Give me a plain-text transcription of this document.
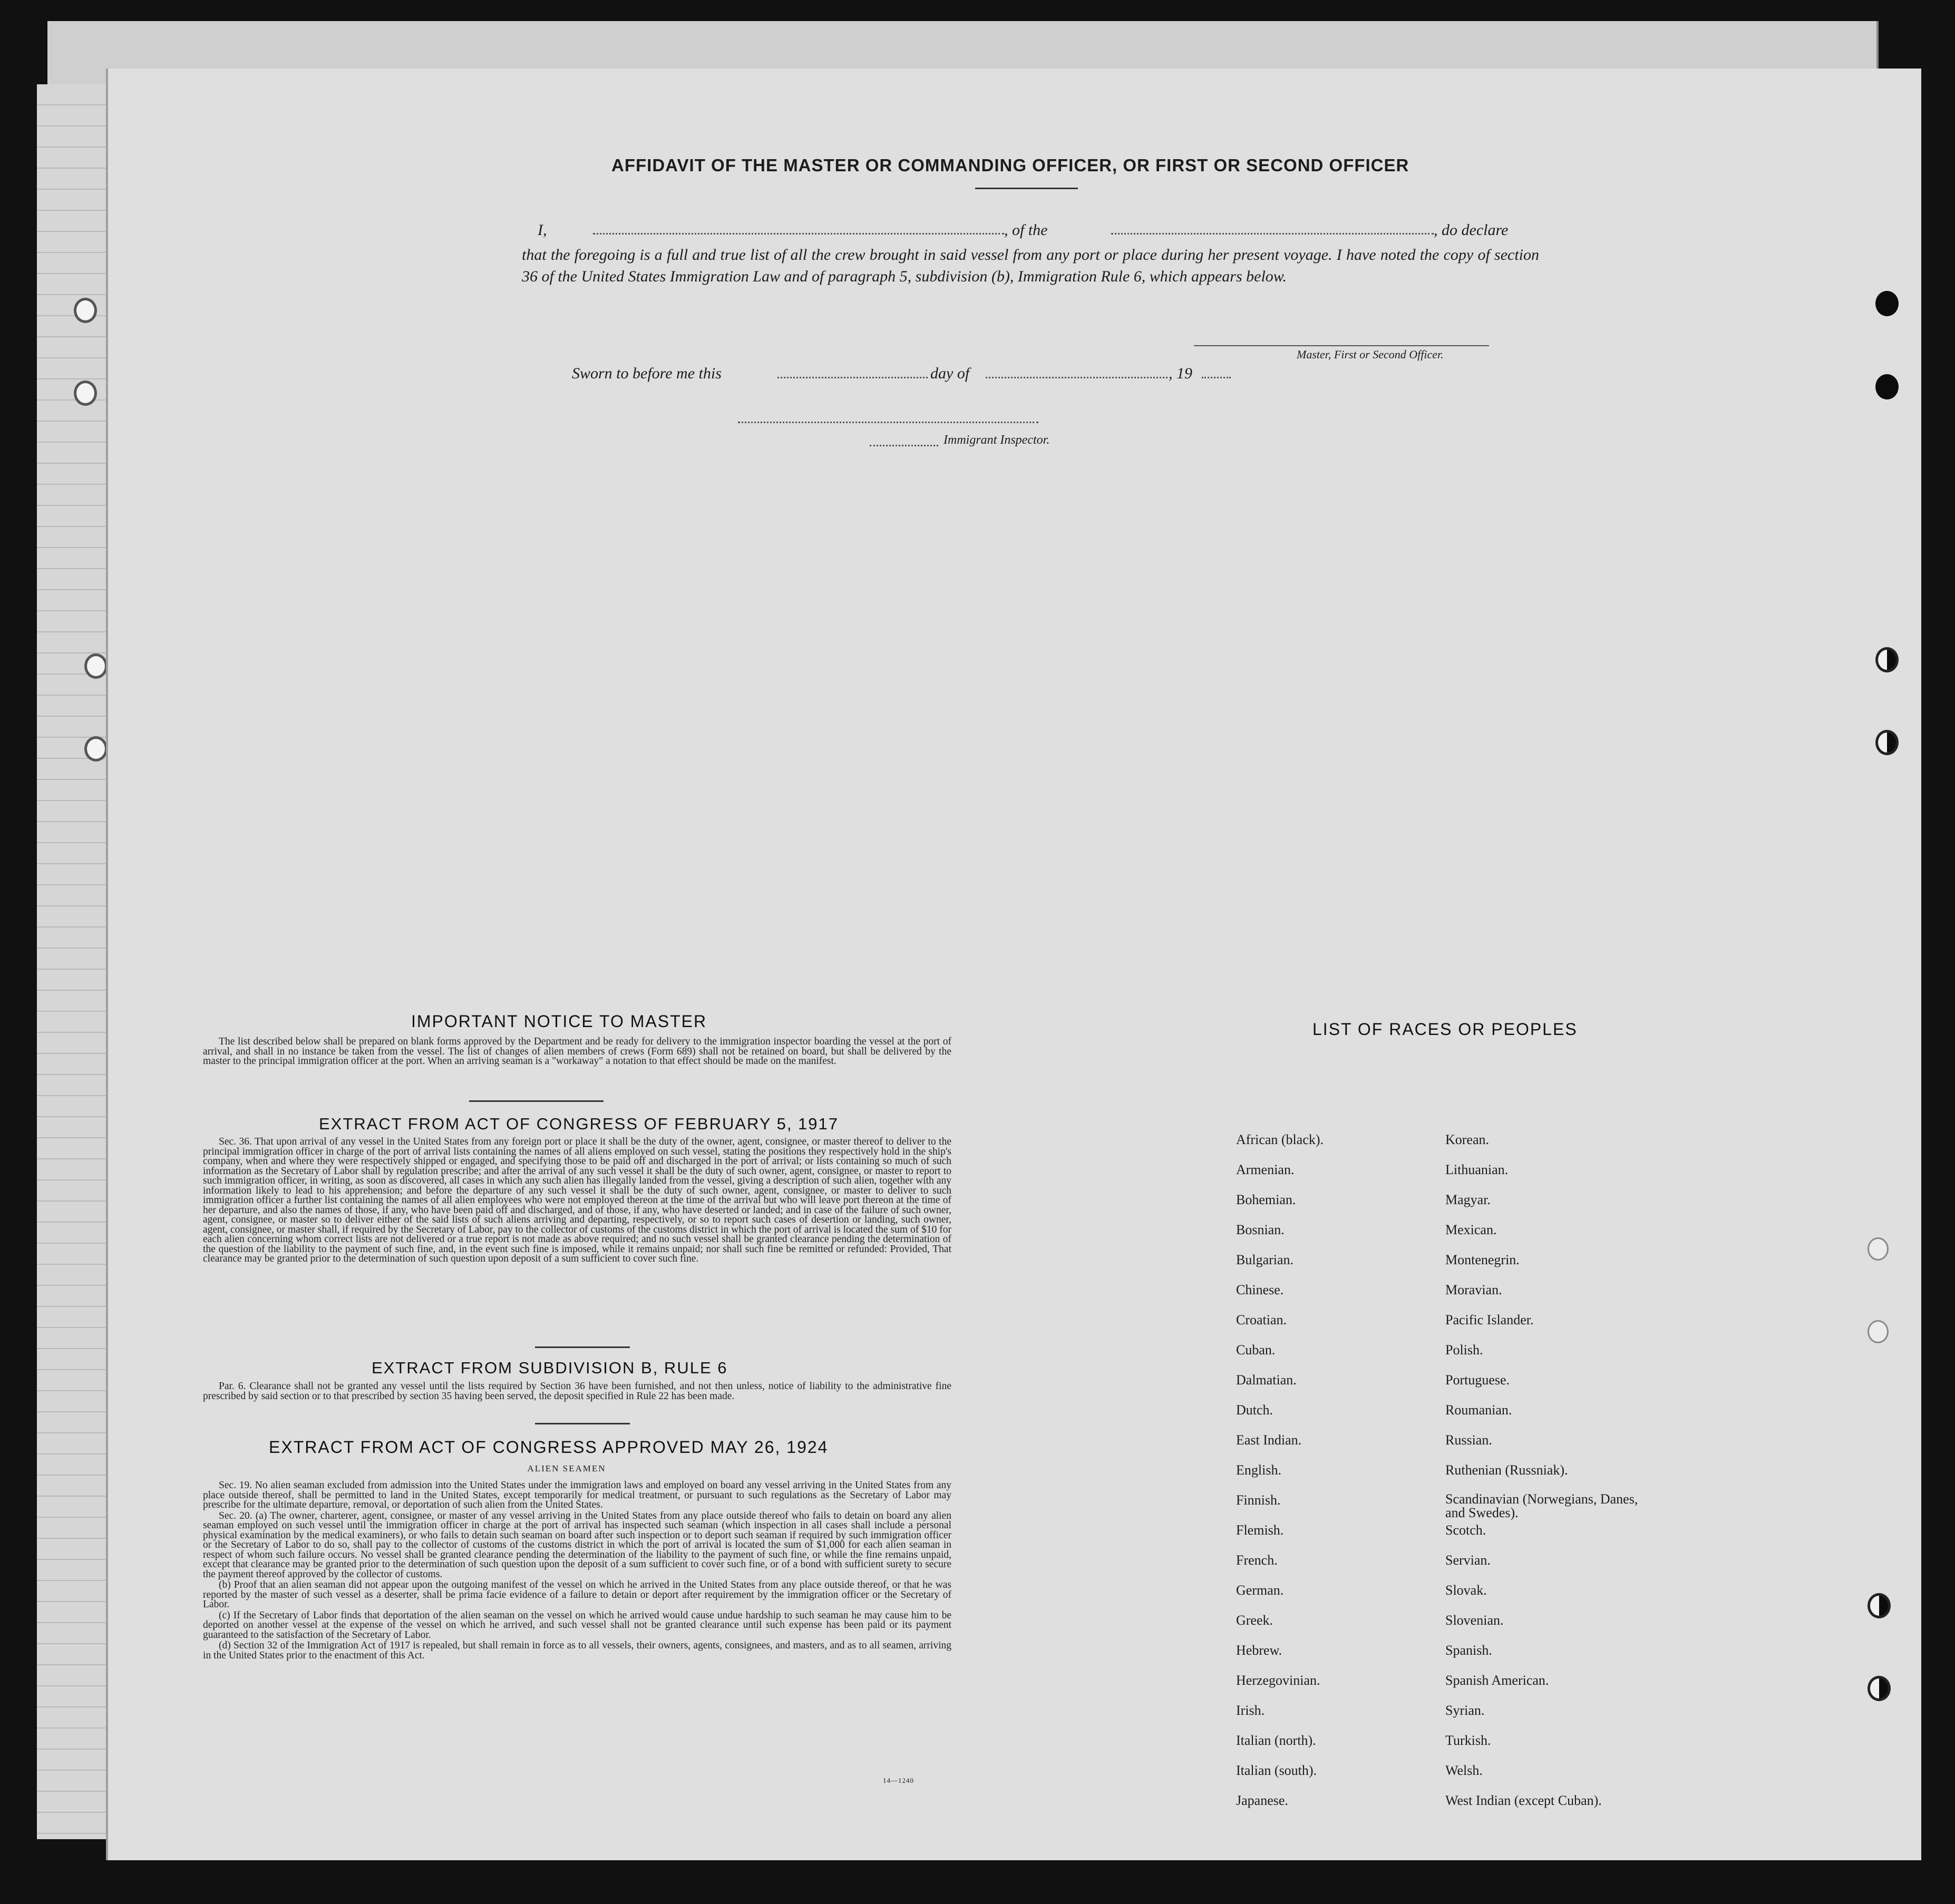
AFFIDAVIT OF THE MASTER OR COMMANDING OFFICER, OR FIRST OR SECOND OFFICER
I,	, of the	, do declare
that the foregoing is a full and true list of all the crew brought in said vessel from any port or place during her present voyage. I have noted the copy of section 36 of the United States Immigration Law and of paragraph 5, subdivision (b), Immigration Rule 6, which appears below.
Master, First or Second Officer.
Sworn to before me this	day of	, 19
Immigrant Inspector.
IMPORTANT NOTICE TO MASTER

The list described below shall be prepared on blank forms approved by the Department and be ready for delivery to the immigration inspector boarding the vessel at the port of arrival, and shall in no instance be taken from the vessel. The list of changes of alien members of crews (Form 689) shall not be retained on board, but shall be delivered by the master to the principal immigration officer at the port. When an arriving seaman is a "workaway" a notation to that effect should be made on the manifest.

EXTRACT FROM ACT OF CONGRESS OF FEBRUARY 5, 1917

Sec. 36. That upon arrival of any vessel in the United States from any foreign port or place it shall be the duty of the owner, agent, consignee, or master thereof to deliver to the principal immigration officer in charge of the port of arrival lists containing the names of all aliens employed on such vessel, stating the positions they respectively hold in the ship's company, when and where they were respectively shipped or engaged, and specifying those to be paid off and discharged in the port of arrival; or lists containing so much of such information as the Secretary of Labor shall by regulation prescribe; and after the arrival of any such vessel it shall be the duty of such owner, agent, consignee, or master to report to such immigration officer, in writing, as soon as discovered, all cases in which any such alien has illegally landed from the vessel, giving a description of such alien, together with any information likely to lead to his apprehension; and before the departure of any such vessel it shall be the duty of such owner, agent, consignee, or master to deliver to such immigration officer a further list containing the names of all alien employees who were not employed thereon at the time of the arrival but who will leave port thereon at the time of her departure, and also the names of those, if any, who have been paid off and discharged, and of those, if any, who have deserted or landed; and in case of the failure of such owner, agent, consignee, or master so to deliver either of the said lists of such aliens arriving and departing, respectively, or so to report such cases of desertion or landing, such owner, agent, consignee, or master shall, if required by the Secretary of Labor, pay to the collector of customs of the customs district in which the port of arrival is located the sum of $10 for each alien concerning whom correct lists are not delivered or a true report is not made as above required; and no such vessel shall be granted clearance pending the determination of the question of the liability to the payment of such fine, and, in the event such fine is imposed, while it remains unpaid; nor shall such fine be remitted or refunded: Provided, That clearance may be granted prior to the determination of such question upon deposit of a sum sufficient to cover such fine.

EXTRACT FROM SUBDIVISION B, RULE 6

Par. 6. Clearance shall not be granted any vessel until the lists required by Section 36 have been furnished, and not then unless, notice of liability to the administrative fine prescribed by said section or to that prescribed by section 35 having been served, the deposit specified in Rule 22 has been made.

EXTRACT FROM ACT OF CONGRESS APPROVED MAY 26, 1924
ALIEN SEAMEN

Sec. 19. No alien seaman excluded from admission into the United States under the immigration laws and employed on board any vessel arriving in the United States from any place outside thereof, shall be permitted to land in the United States, except temporarily for medical treatment, or pursuant to such regulations as the Secretary of Labor may prescribe for the ultimate departure, removal, or deportation of such alien from the United States.

Sec. 20. (a) The owner, charterer, agent, consignee, or master of any vessel arriving in the United States from any place outside thereof who fails to detain on board any alien seaman employed on such vessel until the immigration officer in charge at the port of arrival has inspected such seaman (which inspection in all cases shall include a personal physical examination by the medical examiners), or who fails to detain such seaman on board after such inspection or to deport such seaman if required by such immigration officer or the Secretary of Labor to do so, shall pay to the collector of customs of the customs district in which the port of arrival is located the sum of $1,000 for each alien seaman in respect of whom such failure occurs. No vessel shall be granted clearance pending the determination of the liability to the payment of such fine, or while the fine remains unpaid, except that clearance may be granted prior to the determination of such question upon the deposit of a sum sufficient to cover such fine, or of a bond with sufficient surety to secure the payment thereof approved by the collector of customs.

(b) Proof that an alien seaman did not appear upon the outgoing manifest of the vessel on which he arrived in the United States from any place outside thereof, or that he was reported by the master of such vessel as a deserter, shall be prima facie evidence of a failure to detain or deport after requirement by the immigration officer or the Secretary of Labor.

(c) If the Secretary of Labor finds that deportation of the alien seaman on the vessel on which he arrived would cause undue hardship to such seaman he may cause him to be deported on another vessel at the expense of the vessel on which he arrived, and such vessel shall not be granted clearance until such expense has been paid or its payment guaranteed to the satisfaction of the Secretary of Labor.

(d) Section 32 of the Immigration Act of 1917 is repealed, but shall remain in force as to all vessels, their owners, agents, consignees, and masters, and as to all seamen, arriving in the United States prior to the enactment of this Act.

14—1240
LIST OF RACES OR PEOPLES
African (black).
Armenian.
Bohemian.
Bosnian.
Bulgarian.
Chinese.
Croatian.
Cuban.
Dalmatian.
Dutch.
East Indian.
English.
Finnish.
Flemish.
French.
German.
Greek.
Hebrew.
Herzegovinian.
Irish.
Italian (north).
Italian (south).
Japanese.
Korean.
Lithuanian.
Magyar.
Mexican.
Montenegrin.
Moravian.
Pacific Islander.
Polish.
Portuguese.
Roumanian.
Russian.
Ruthenian (Russniak).
Scandinavian (Norwegians, Danes, and Swedes).
Scotch.
Servian.
Slovak.
Slovenian.
Spanish.
Spanish American.
Syrian.
Turkish.
Welsh.
West Indian (except Cuban).
